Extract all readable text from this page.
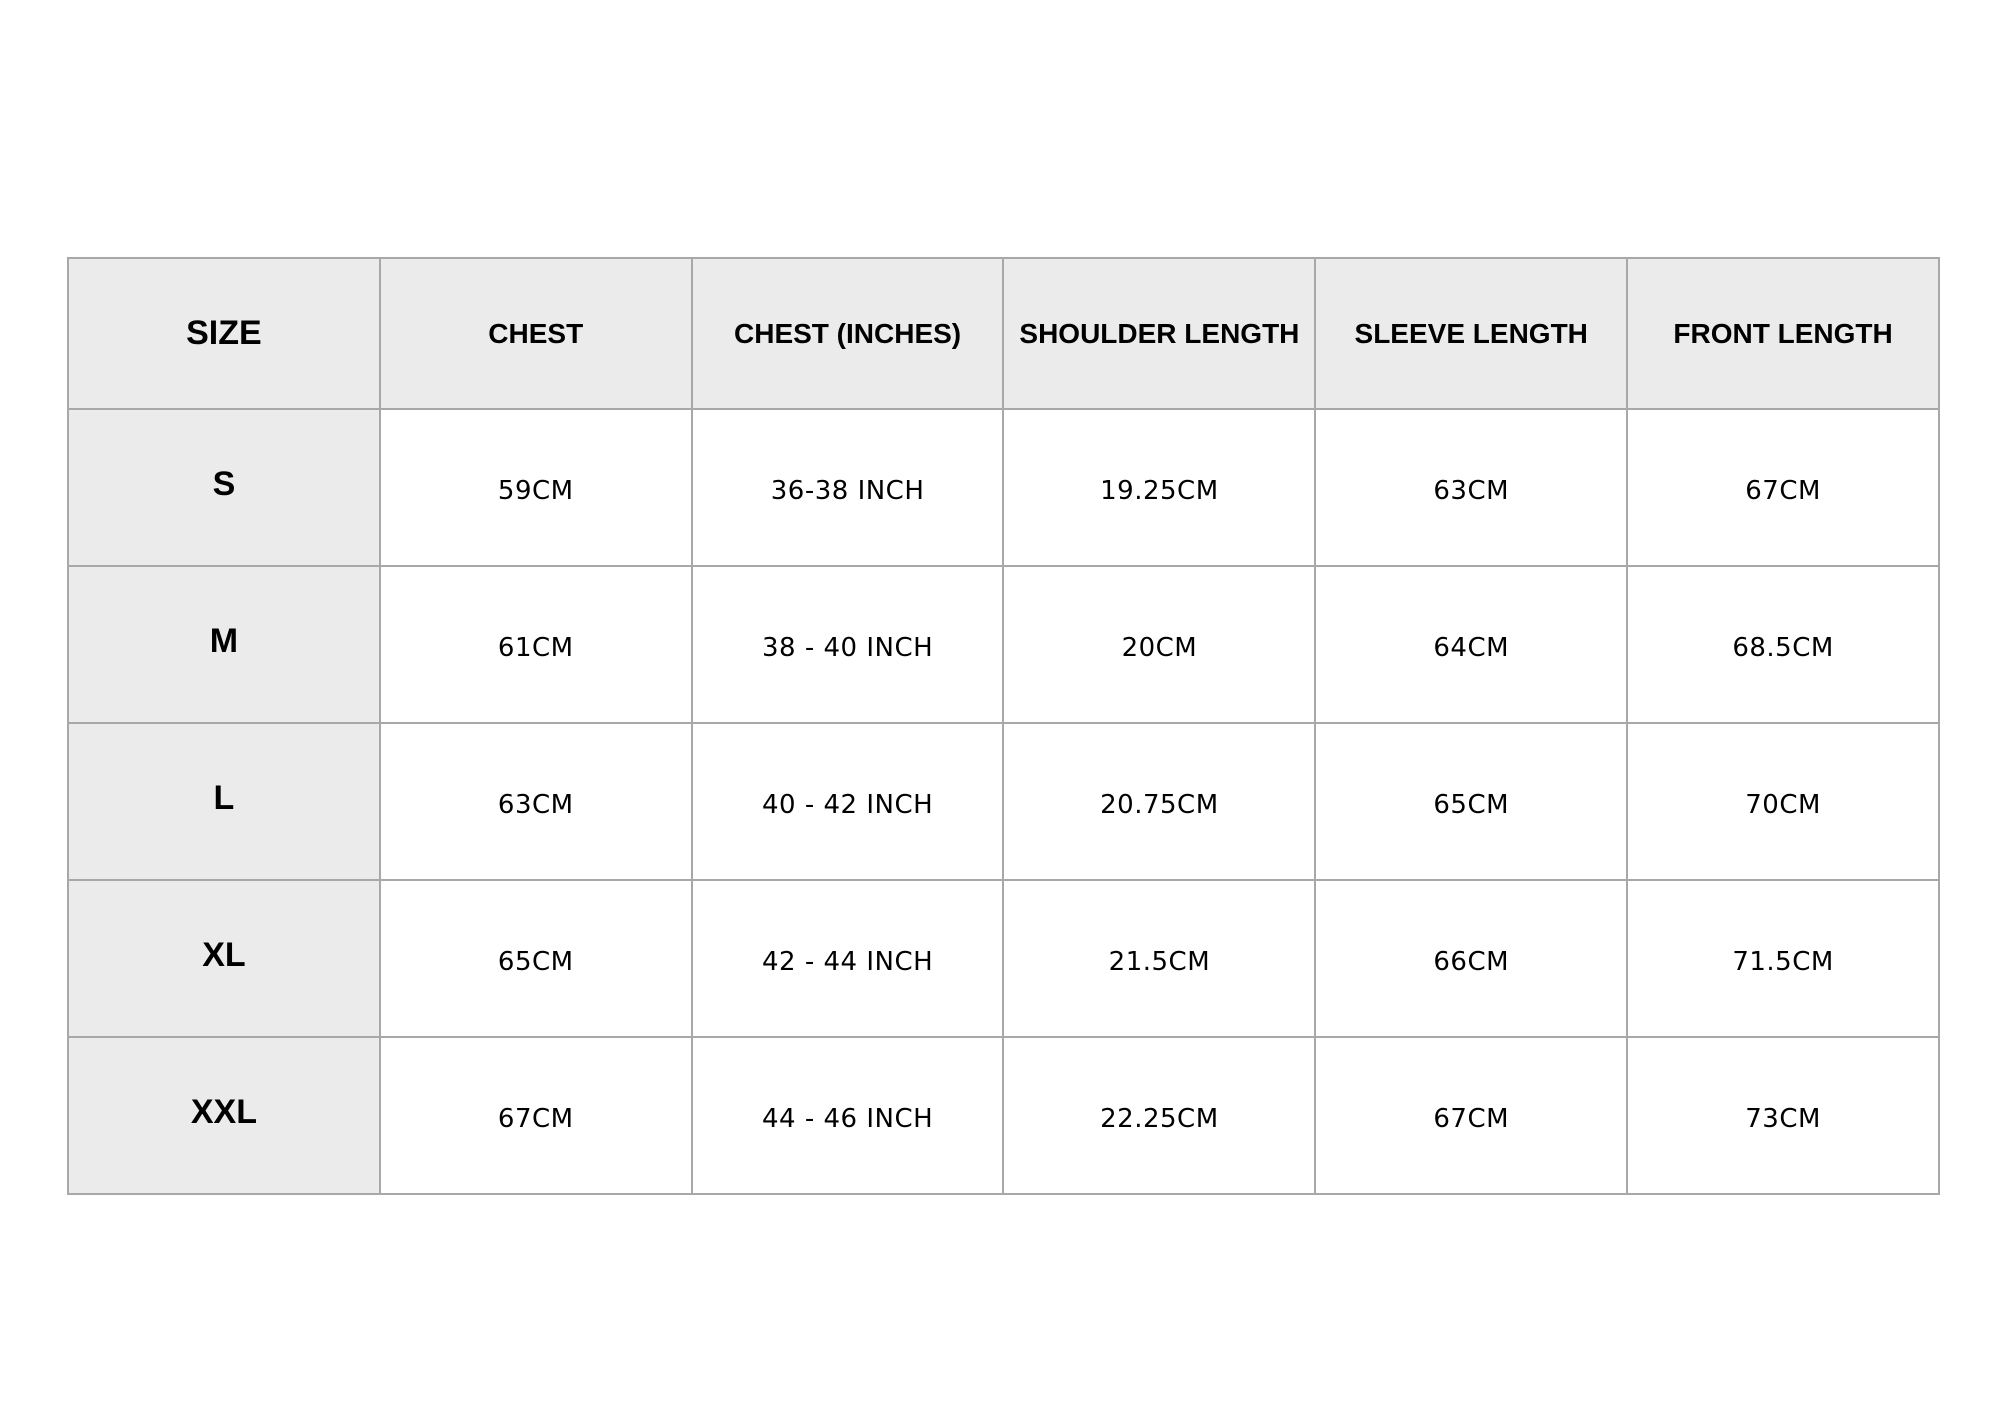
SIZE	CHEST	CHEST (INCHES)	SHOULDER LENGTH	SLEEVE LENGTH	FRONT LENGTH
S	59CM	36-38 INCH	19.25CM	63CM	67CM
M	61CM	38 - 40 INCH	20CM	64CM	68.5CM
L	63CM	40 - 42 INCH	20.75CM	65CM	70CM
XL	65CM	42 - 44 INCH	21.5CM	66CM	71.5CM
XXL	67CM	44 - 46 INCH	22.25CM	67CM	73CM
